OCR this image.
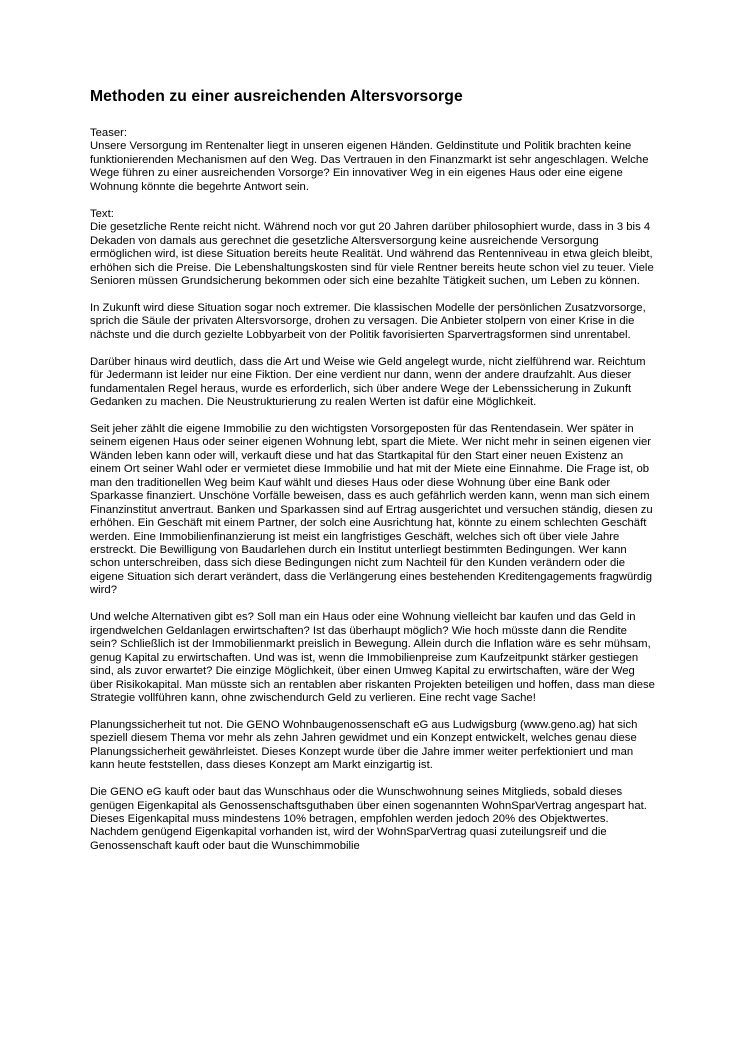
Methoden zu einer ausreichenden Altersvorsorge

Teaser:

Unsere Versorgung im Rentenalter liegt in unseren eigenen Händen. Geldinstitute und Politik brachten keine funktionierenden Mechanismen auf den Weg. Das Vertrauen in den Finanzmarkt ist sehr angeschlagen. Welche Wege führen zu einer ausreichenden Vorsorge? Ein innovativer Weg in ein eigenes Haus oder eine eigene Wohnung könnte die begehrte Antwort sein.

Text:

Die gesetzliche Rente reicht nicht. Während noch vor gut 20 Jahren darüber philosophiert wurde, dass in 3 bis 4 Dekaden von damals aus gerechnet die gesetzliche Altersversorgung keine ausreichende Versorgung ermöglichen wird, ist diese Situation bereits heute Realität. Und während das Rentenniveau in etwa gleich bleibt, erhöhen sich die Preise. Die Lebenshaltungskosten sind für viele Rentner bereits heute schon viel zu teuer. Viele Senioren müssen Grundsicherung bekommen oder sich eine bezahlte Tätigkeit suchen, um Leben zu können.

In Zukunft wird diese Situation sogar noch extremer. Die klassischen Modelle der persönlichen Zusatzvorsorge, sprich die Säule der privaten Altersvorsorge, drohen zu versagen. Die Anbieter stolpern von einer Krise in die nächste und die durch gezielte Lobbyarbeit von der Politik favorisierten Sparvertragsformen sind unrentabel.

Darüber hinaus wird deutlich, dass die Art und Weise wie Geld angelegt wurde, nicht zielführend war. Reichtum für Jedermann ist leider nur eine Fiktion. Der eine verdient nur dann, wenn der andere draufzahlt. Aus dieser fundamentalen Regel heraus, wurde es erforderlich, sich über andere Wege der Lebenssicherung in Zukunft Gedanken zu machen. Die Neustrukturierung zu realen Werten ist dafür eine Möglichkeit.

Seit jeher zählt die eigene Immobilie zu den wichtigsten Vorsorgeposten für das Rentendasein. Wer später in seinem eigenen Haus oder seiner eigenen Wohnung lebt, spart die Miete. Wer nicht mehr in seinen eigenen vier Wänden leben kann oder will, verkauft diese und hat das Startkapital für den Start einer neuen Existenz an einem Ort seiner Wahl oder er vermietet diese Immobilie und hat mit der Miete eine Einnahme. Die Frage ist, ob man den traditionellen Weg beim Kauf wählt und dieses Haus oder diese Wohnung über eine Bank oder Sparkasse finanziert. Unschöne Vorfälle beweisen, dass es auch gefährlich werden kann, wenn man sich einem Finanzinstitut anvertraut. Banken und Sparkassen sind auf Ertrag ausgerichtet und versuchen ständig, diesen zu erhöhen. Ein Geschäft mit einem Partner, der solch eine Ausrichtung hat, könnte zu einem schlechten Geschäft werden. Eine Immobilienfinanzierung ist meist ein langfristiges Geschäft, welches sich oft über viele Jahre erstreckt. Die Bewilligung von Baudarlehen durch ein Institut unterliegt bestimmten Bedingungen. Wer kann schon unterschreiben, dass sich diese Bedingungen nicht zum Nachteil für den Kunden verändern oder die eigene Situation sich derart verändert, dass die Verlängerung eines bestehenden Kreditengagements fragwürdig wird?

Und welche Alternativen gibt es? Soll man ein Haus oder eine Wohnung vielleicht bar kaufen und das Geld in irgendwelchen Geldanlagen erwirtschaften? Ist das überhaupt möglich? Wie hoch müsste dann die Rendite sein? Schließlich ist der Immobilienmarkt preislich in Bewegung. Allein durch die Inflation wäre es sehr mühsam, genug Kapital zu erwirtschaften. Und was ist, wenn die Immobilienpreise zum Kaufzeitpunkt stärker gestiegen sind, als zuvor erwartet? Die einzige Möglichkeit, über einen Umweg Kapital zu erwirtschaften, wäre der Weg über Risikokapital. Man müsste sich an rentablen aber riskanten Projekten beteiligen und hoffen, dass man diese Strategie vollführen kann, ohne zwischendurch Geld zu verlieren. Eine recht vage Sache!

Planungssicherheit tut not. Die GENO Wohnbaugenossenschaft eG aus Ludwigsburg (www.geno.ag) hat sich speziell diesem Thema vor mehr als zehn Jahren gewidmet und ein Konzept entwickelt, welches genau diese Planungssicherheit gewährleistet. Dieses Konzept wurde über die Jahre immer weiter perfektioniert und man kann heute feststellen, dass dieses Konzept am Markt einzigartig ist.

Die GENO eG kauft oder baut das Wunschhaus oder die Wunschwohnung seines Mitglieds, sobald dieses genügen Eigenkapital als Genossenschaftsguthaben über einen sogenannten WohnSparVertrag angespart hat. Dieses Eigenkapital muss mindestens 10% betragen, empfohlen werden jedoch 20% des Objektwertes. Nachdem genügend Eigenkapital vorhanden ist, wird der WohnSparVertrag quasi zuteilungsreif und die Genossenschaft kauft oder baut die Wunschimmobilie
